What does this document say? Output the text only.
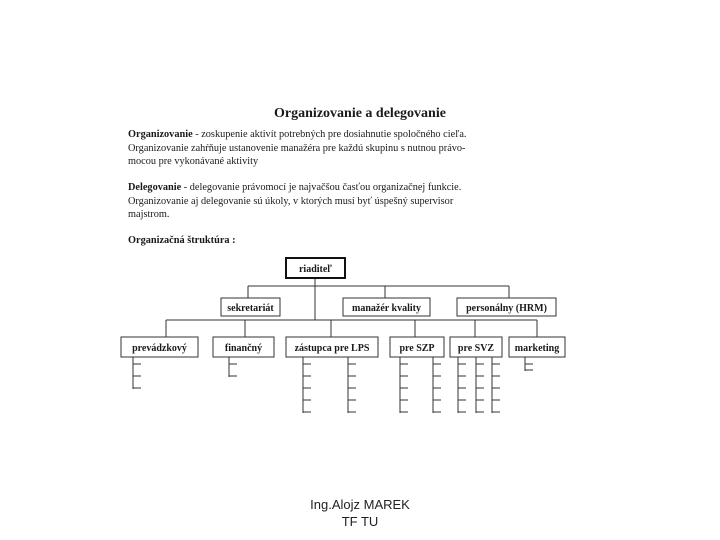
Organizovanie a delegovanie
Organizovanie - zoskupenie aktivít potrebných pre dosiahnutie spoločného cieľa.
Organizovanie zahŕňuje ustanovenie manažéra pre každú skupinu s nutnou právo-
mocou pre vykonávané aktivity
Delegovanie - delegovanie právomocí je najvačšou časťou organizačnej funkcie.
Organizovanie aj delegovanie sú úkoly, v ktorých musí byť úspešný supervisor
majstrom.
Organizačná štruktúra :
riaditeľ
sekretariát	manažér kvality	personálny (HRM)
prevádzkový	finančný	zástupca pre LPS	pre SZP pre SVZ marketing
Ing.Alojz MAREK
TF TU
